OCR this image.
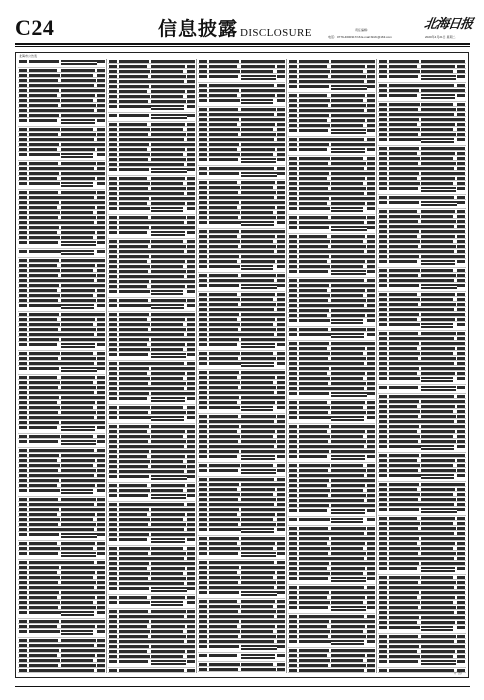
C24	信息披露 DISCLOSURE	责任编辑：
电话：0779-4600317/16 E-mail:bhzb@163.com
北海日报
2020年4月21日 星期二
北海市公告表
（广告）
